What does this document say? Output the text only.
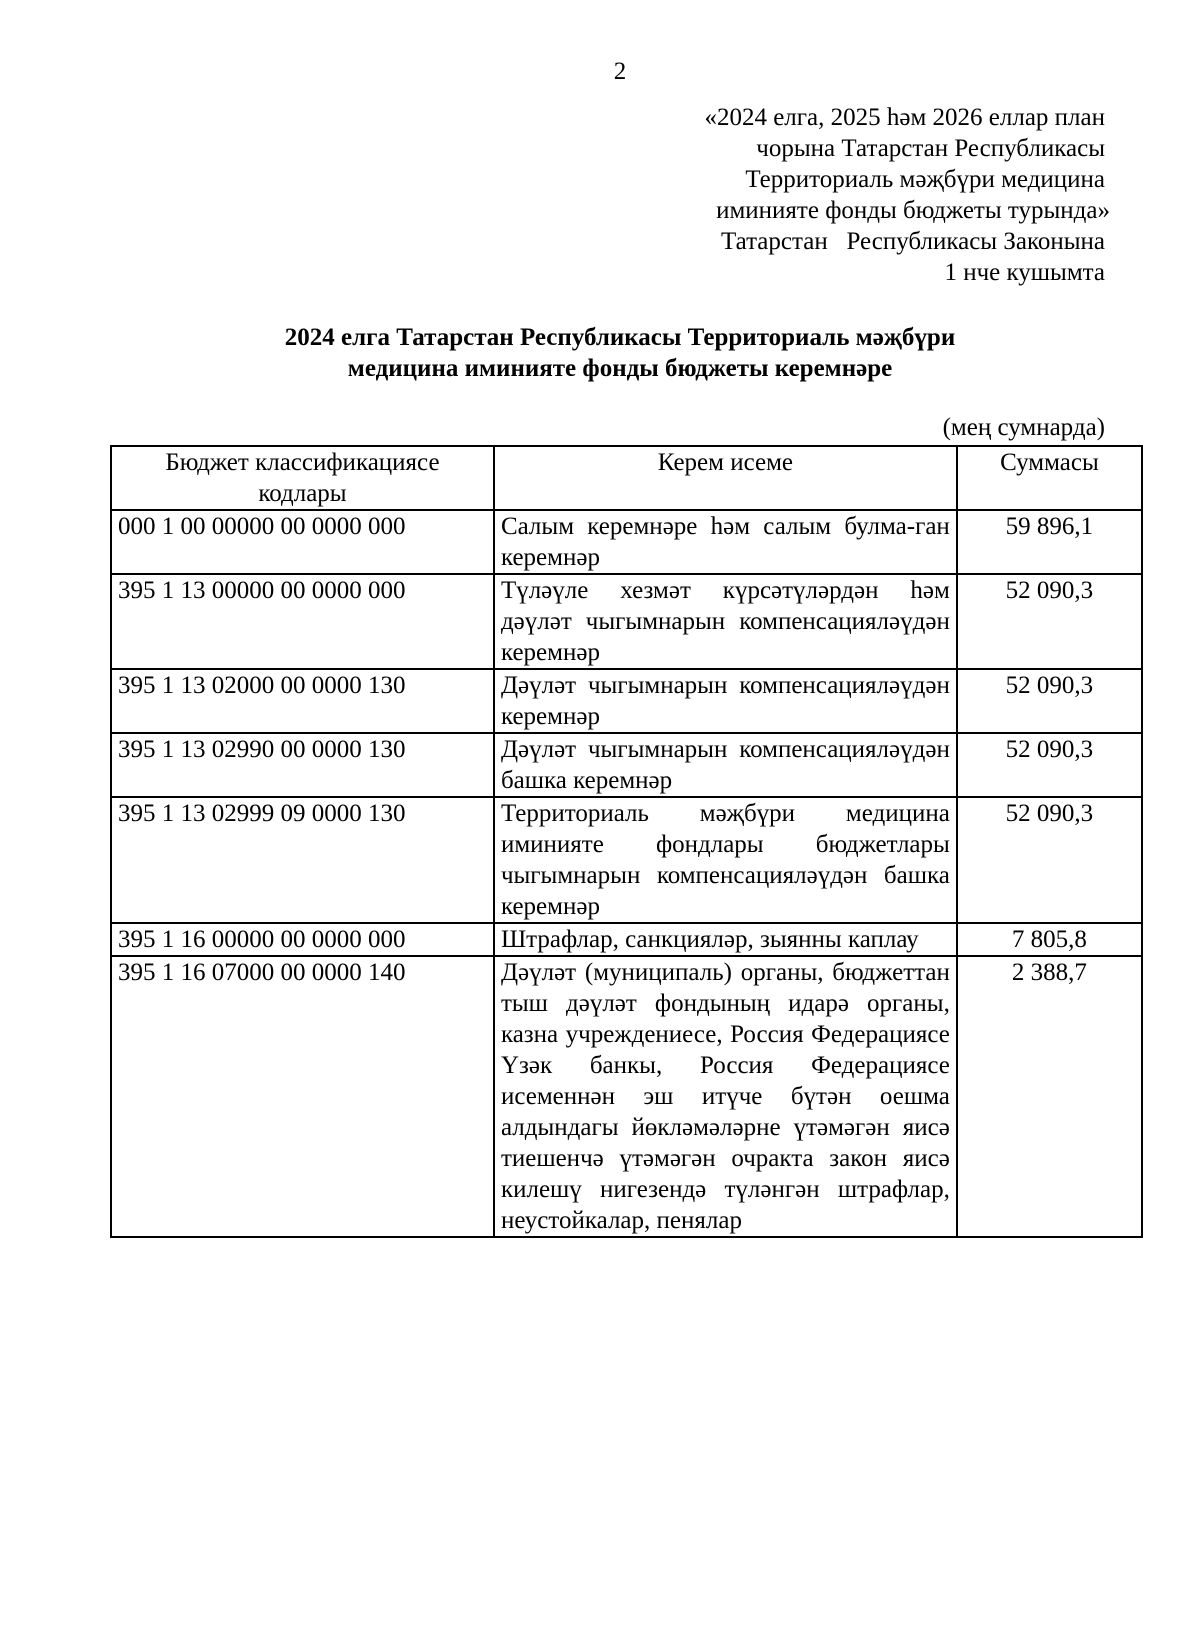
2
«2024 елга, 2025 һәм 2026 еллар план
чорына Татарстан Республикасы
Территориаль мәҗбүри медицина
иминияте фонды бюджеты турында»
Татарстан   Республикасы Законына
1 нче кушымта
2024 елга Татарстан Республикасы Территориаль мәҗбүри
медицина иминияте фонды бюджеты керемнәре
(мең сумнарда)
Бюджет классификациясе кодлары	Керем исеме	Суммасы
000 1 00 00000 00 0000 000	Салым керемнәре һәм салым булма-ган керемнәр	59 896,1
395 1 13 00000 00 0000 000	Түләүле хезмәт күрсәтүләрдән һәм дәүләт чыгымнарын компенсацияләүдән керемнәр	52 090,3
395 1 13 02000 00 0000 130	Дәүләт чыгымнарын компенсацияләүдән керемнәр	52 090,3
395 1 13 02990 00 0000 130	Дәүләт чыгымнарын компенсацияләүдән башка керемнәр	52 090,3
395 1 13 02999 09 0000 130	Территориаль мәҗбүри медицина иминияте фондлары бюджетлары чыгымнарын компенсацияләүдән башка керемнәр	52 090,3
395 1 16 00000 00 0000 000	Штрафлар, санкцияләр, зыянны каплау	7 805,8
395 1 16 07000 00 0000 140	Дәүләт (муниципаль) органы, бюджеттан тыш дәүләт фондының идарә органы, казна учреждениесе, Россия Федерациясе Үзәк банкы, Россия Федерациясе исеменнән эш итүче бүтән оешма алдындагы йөкләмәләрне үтәмәгән яисә тиешенчә үтәмәгән очракта закон яисә килешү нигезендә түләнгән штрафлар, неустойкалар, пенялар	2 388,7
